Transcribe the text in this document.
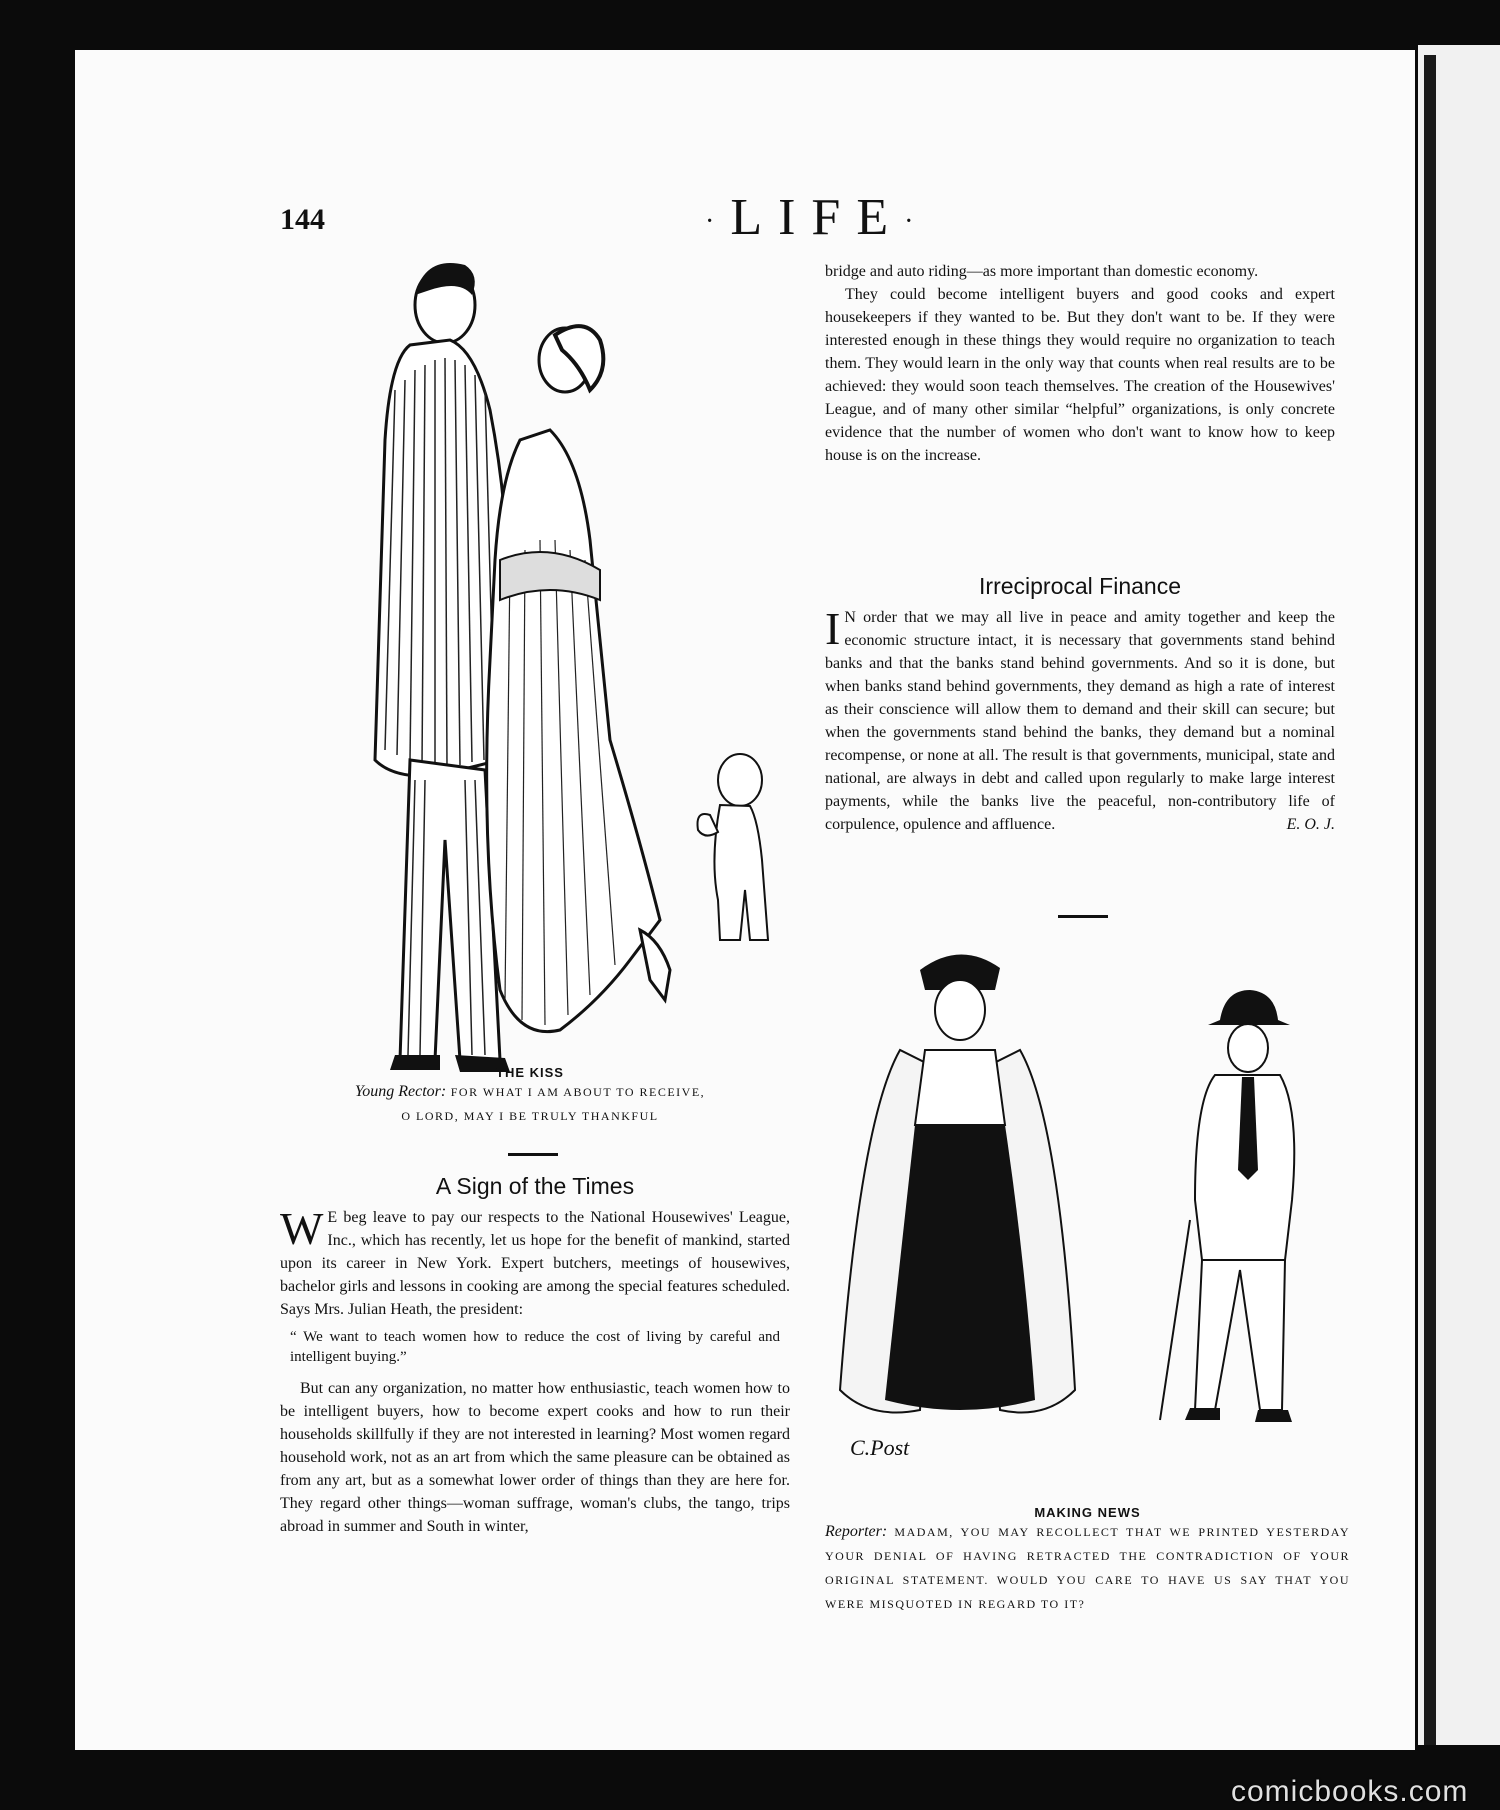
144	·LIFE·
THE KISS
Young Rector: FOR WHAT I AM ABOUT TO RECEIVE,
O LORD, MAY I BE TRULY THANKFUL
A Sign of the Times

W E beg leave to pay our respects to the National Housewives' League, Inc., which has recently, let us hope for the benefit of mankind, started upon its career in New York. Expert butchers, meetings of housewives, bachelor girls and lessons in cooking are among the special features scheduled. Says Mrs. Julian Heath, the president:

“ We want to teach women how to reduce the cost of living by careful and intelligent buying.”

But can any organization, no matter how enthusiastic, teach women how to be intelligent buyers, how to become expert cooks and how to run their households skillfully if they are not interested in learning? Most women regard household work, not as an art from which the same pleasure can be obtained as from any art, but as a somewhat lower order of things than they are here for. They regard other things—woman suffrage, woman's clubs, the tango, trips abroad in summer and South in winter,

bridge and auto riding—as more important than domestic economy.

They could become intelligent buyers and good cooks and expert housekeepers if they wanted to be. But they don't want to be. If they were interested enough in these things they would require no organization to teach them. They would learn in the only way that counts when real results are to be achieved: they would soon teach themselves. The creation of the Housewives' League, and of many other similar “helpful” organizations, is only concrete evidence that the number of women who don't want to know how to keep house is on the increase.

Irreciprocal Finance

I N order that we may all live in peace and amity together and keep the economic structure intact, it is necessary that governments stand behind banks and that the banks stand behind governments. And so it is done, but when banks stand behind governments, they demand as high a rate of interest as their conscience will allow them to demand and their skill can secure; but when the governments stand behind the banks, they demand but a nominal recompense, or none at all. The result is that governments, municipal, state and national, are always in debt and called upon regularly to make large interest payments, while the banks live the peaceful, non-contributory life of corpulence, opulence and affluence.	E. O. J.

C.Post
MAKING NEWS
Reporter: MADAM, YOU MAY RECOLLECT THAT WE PRINTED YESTERDAY YOUR DENIAL OF HAVING RETRACTED THE CONTRADICTION OF YOUR ORIGINAL STATEMENT. WOULD YOU CARE TO HAVE US SAY THAT YOU WERE MISQUOTED IN REGARD TO IT?
comicbooks.com
